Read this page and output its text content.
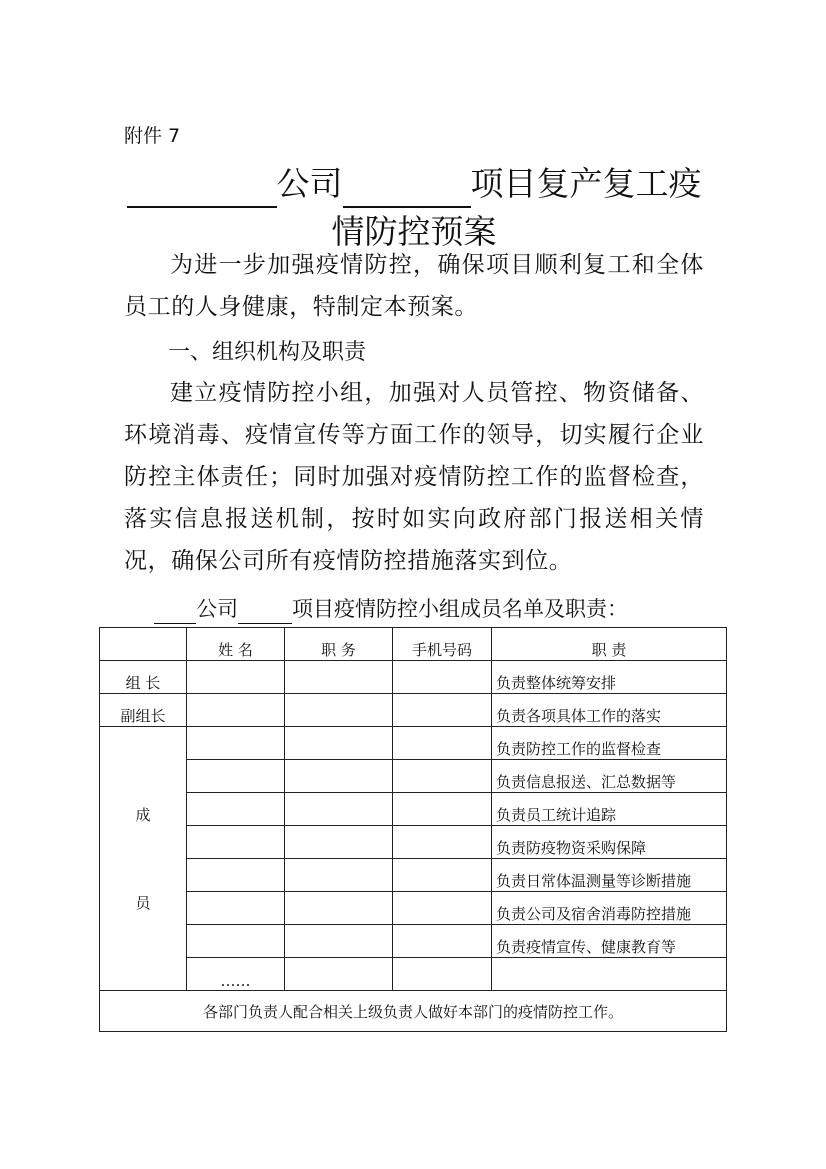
附件 7
公司	项目复产复工疫
情防控预案

为进一步加强疫情防控，确保项目顺利复工和全体员工的人身健康，特制定本预案。

一、组织机构及职责

建立疫情防控小组，加强对人员管控、物资储备、环境消毒、疫情宣传等方面工作的领导，切实履行企业防控主体责任；同时加强对疫情防控工作的监督检查，落实信息报送机制，按时如实向政府部门报送相关情况，确保公司所有疫情防控措施落实到位。

公司	项目疫情防控小组成员名单及职责：
	姓 名	职 务	手机号码	职 责
组 长				负责整体统筹安排
副组长				负责各项具体工作的落实

成
员				负责防控工作的监督检查
				负责信息报送、汇总数据等
				负责员工统计追踪
				负责防疫物资采购保障
				负责日常体温测量等诊断措施
				负责公司及宿舍消毒防控措施
				负责疫情宣传、健康教育等
	……			
各部门负责人配合相关上级负责人做好本部门的疫情防控工作。				
